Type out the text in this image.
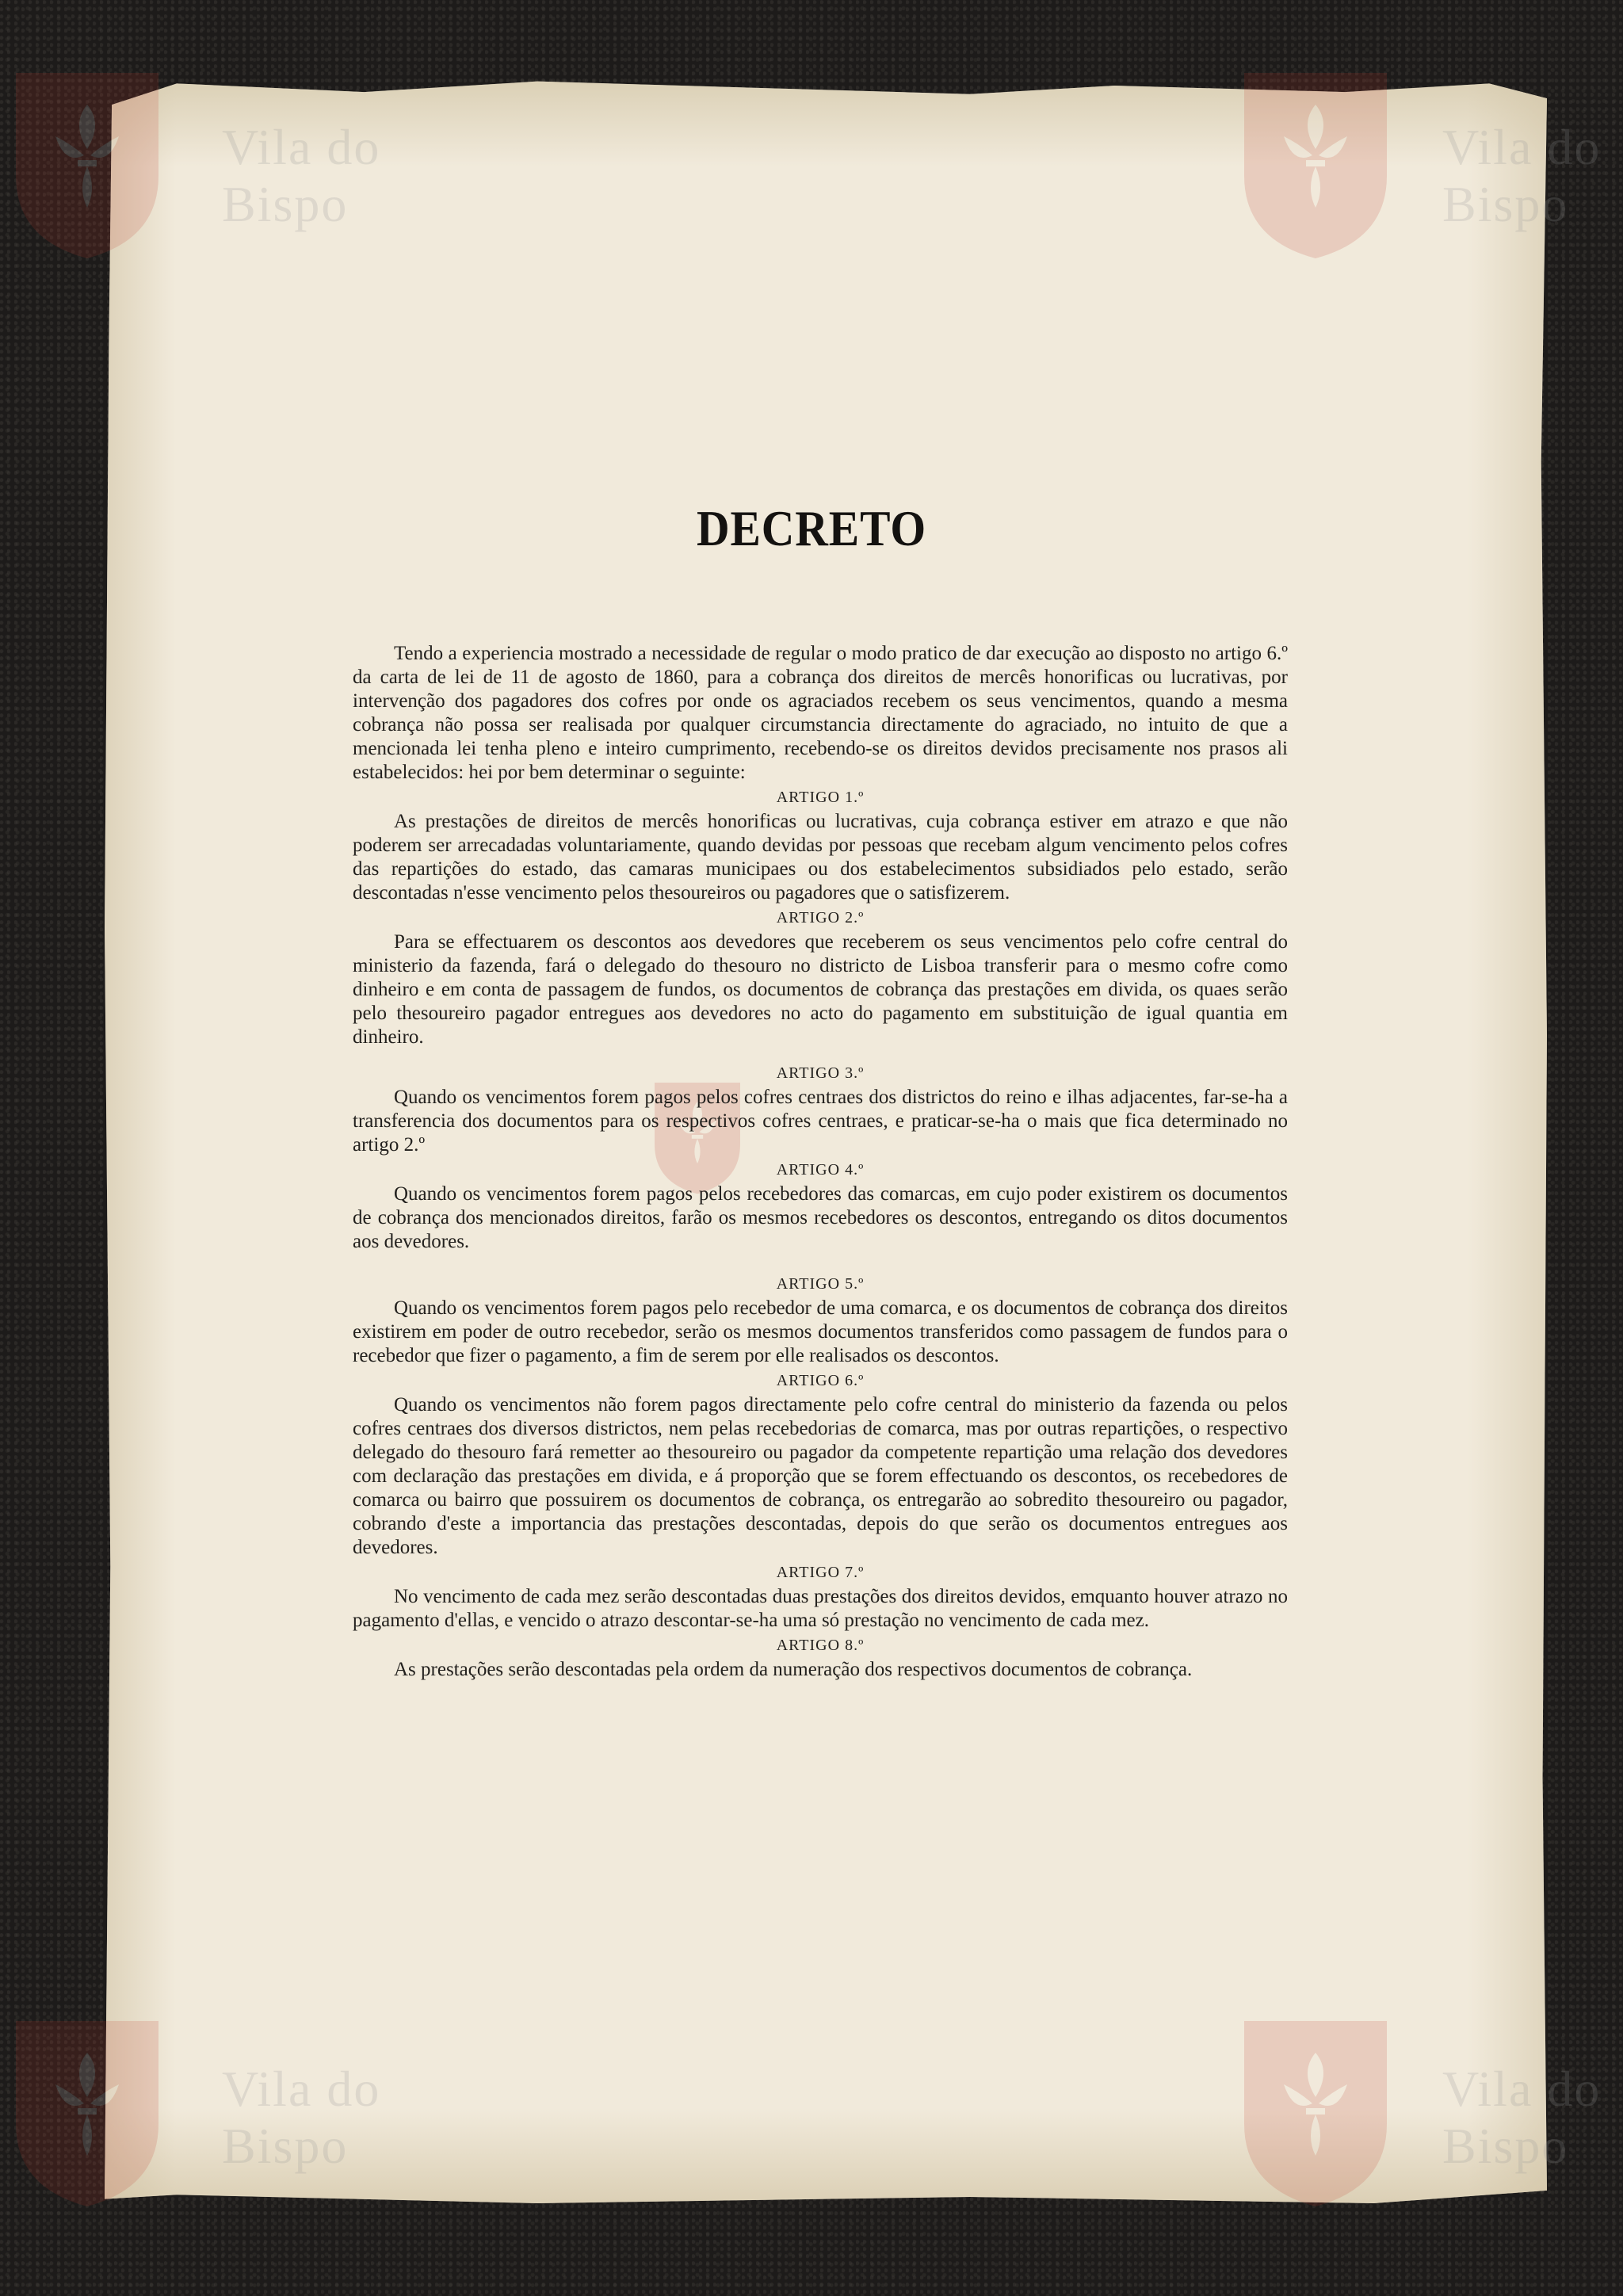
Vila do
Bispo
Vila do
Bispo
Vila do
Bispo
Vila do
Bispo
DECRETO

Tendo a experiencia mostrado a necessidade de regular o modo pratico de dar execução ao disposto no artigo 6.º da carta de lei de 11 de agosto de 1860, para a cobrança dos direitos de mercês honorificas ou lucrativas, por intervenção dos pagadores dos cofres por onde os agraciados recebem os seus vencimentos, quando a mesma cobrança não possa ser realisada por qualquer circumstancia directamente do agraciado, no intuito de que a mencionada lei tenha pleno e inteiro cumprimento, recebendo-se os direitos devidos precisamente nos prasos ali estabelecidos: hei por bem determinar o seguinte:

ARTIGO 1.º

As prestações de direitos de mercês honorificas ou lucrativas, cuja cobrança estiver em atrazo e que não poderem ser arrecadadas voluntariamente, quando devidas por pessoas que recebam algum vencimento pelos cofres das repartições do estado, das camaras municipaes ou dos estabelecimentos subsidiados pelo estado, serão descontadas n'esse vencimento pelos thesoureiros ou pagadores que o satisfizerem.

ARTIGO 2.º

Para se effectuarem os descontos aos devedores que receberem os seus vencimentos pelo cofre central do ministerio da fazenda, fará o delegado do thesouro no districto de Lisboa transferir para o mesmo cofre como dinheiro e em conta de passagem de fundos, os documentos de cobrança das prestações em divida, os quaes serão pelo thesoureiro pagador entregues aos devedores no acto do pagamento em substituição de igual quantia em dinheiro.

ARTIGO 3.º

Quando os vencimentos forem pagos pelos cofres centraes dos districtos do reino e ilhas adjacentes, far-se-ha a transferencia dos documentos para os respectivos cofres centraes, e praticar-se-ha o mais que fica determinado no artigo 2.º

ARTIGO 4.º

Quando os vencimentos forem pagos pelos recebedores das comarcas, em cujo poder existirem os documentos de cobrança dos mencionados direitos, farão os mesmos recebedores os descontos, entregando os ditos documentos aos devedores.

ARTIGO 5.º

Quando os vencimentos forem pagos pelo recebedor de uma comarca, e os documentos de cobrança dos direitos existirem em poder de outro recebedor, serão os mesmos documentos transferidos como passagem de fundos para o recebedor que fizer o pagamento, a fim de serem por elle realisados os descontos.

ARTIGO 6.º

Quando os vencimentos não forem pagos directamente pelo cofre central do ministerio da fazenda ou pelos cofres centraes dos diversos districtos, nem pelas recebedorias de comarca, mas por outras repartições, o respectivo delegado do thesouro fará remetter ao thesoureiro ou pagador da competente repartição uma relação dos devedores com declaração das prestações em divida, e á proporção que se forem effectuando os descontos, os recebedores de comarca ou bairro que possuirem os documentos de cobrança, os entregarão ao sobredito thesoureiro ou pagador, cobrando d'este a importancia das prestações descontadas, depois do que serão os documentos entregues aos devedores.

ARTIGO 7.º

No vencimento de cada mez serão descontadas duas prestações dos direitos devidos, emquanto houver atrazo no pagamento d'ellas, e vencido o atrazo descontar-se-ha uma só prestação no vencimento de cada mez.

ARTIGO 8.º

As prestações serão descontadas pela ordem da numeração dos respectivos documentos de cobrança.
